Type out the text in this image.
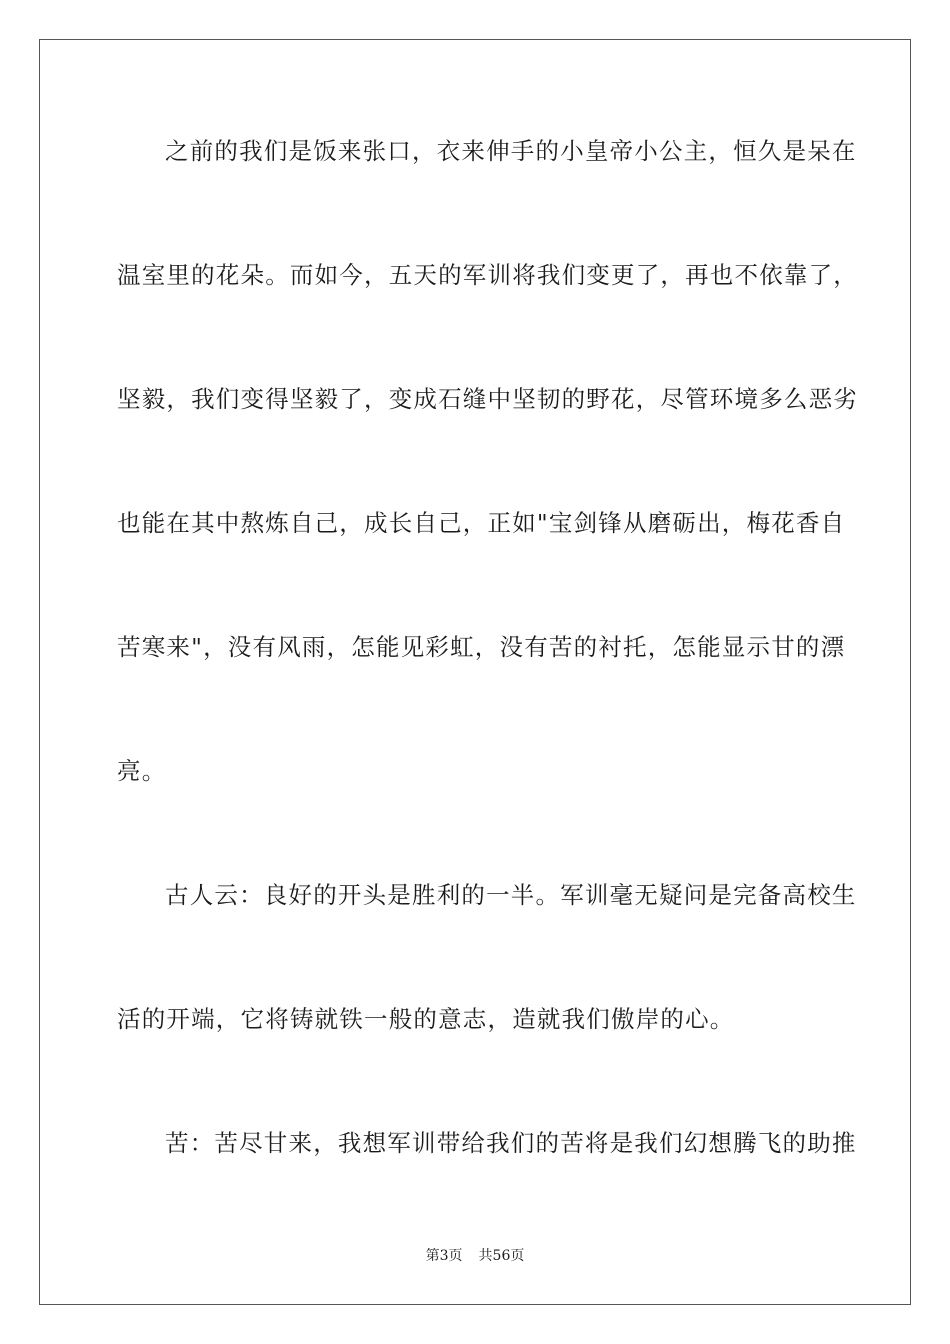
之前的我们是饭来张口，衣来伸手的小皇帝小公主，恒久是呆在
温室里的花朵。而如今，五天的军训将我们变更了，再也不依靠了，
坚毅，我们变得坚毅了，变成石缝中坚韧的野花，尽管环境多么恶劣
也能在其中熬炼自己，成长自己，正如"宝剑锋从磨砺出，梅花香自
苦寒来"，没有风雨，怎能见彩虹，没有苦的衬托，怎能显示甘的漂
亮。
古人云：良好的开头是胜利的一半。军训毫无疑问是完备高校生
活的开端，它将铸就铁一般的意志，造就我们傲岸的心。
苦：苦尽甘来，我想军训带给我们的苦将是我们幻想腾飞的助推
第3页 共56页
